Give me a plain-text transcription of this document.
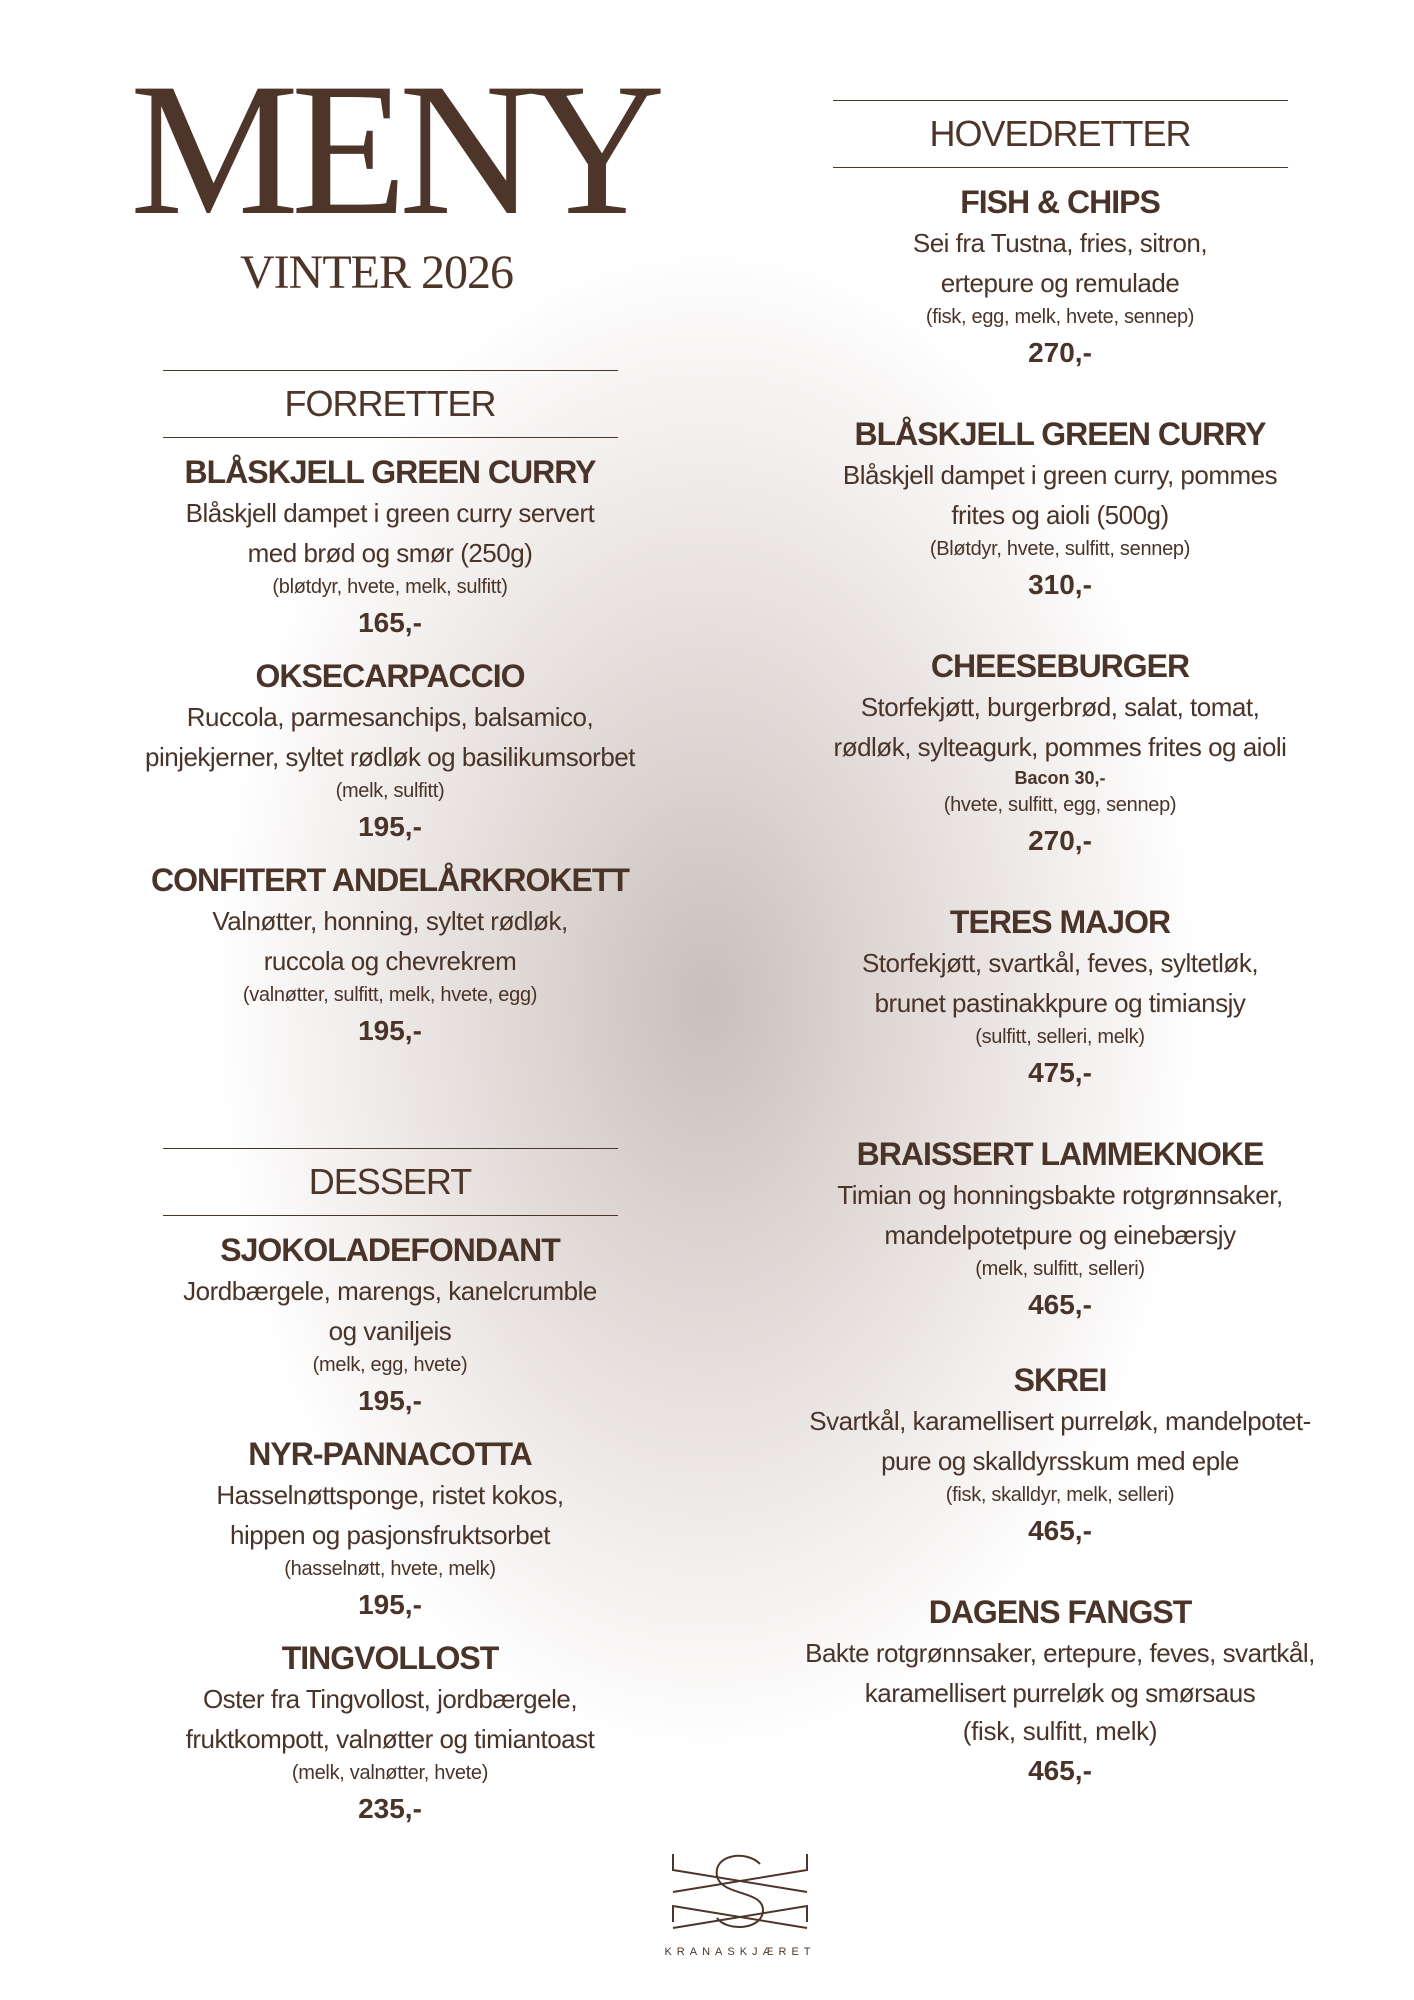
MENY
VINTER 2026
FORRETTER
BLÅSKJELL GREEN CURRY
Blåskjell dampet i green curry servert
med brød og smør (250g)
(bløtdyr, hvete, melk, sulfitt)
165,-
OKSECARPACCIO
Ruccola, parmesanchips, balsamico,
pinjekjerner, syltet rødløk og basilikumsorbet
(melk, sulfitt)
195,-
CONFITERT ANDELÅRKROKETT
Valnøtter, honning, syltet rødløk,
ruccola og chevrekrem
(valnøtter, sulfitt, melk, hvete, egg)
195,-
DESSERT
SJOKOLADEFONDANT
Jordbærgele, marengs, kanelcrumble
og vaniljeis
(melk, egg, hvete)
195,-
NYR-PANNACOTTA
Hasselnøttsponge, ristet kokos,
hippen og pasjonsfruktsorbet
(hasselnøtt, hvete, melk)
195,-
TINGVOLLOST
Oster fra Tingvollost, jordbærgele,
fruktkompott, valnøtter og timiantoast
(melk, valnøtter, hvete)
235,-
HOVEDRETTER
FISH & CHIPS
Sei fra Tustna, fries, sitron,
ertepure og remulade
(fisk, egg, melk, hvete, sennep)
270,-
BLÅSKJELL GREEN CURRY
Blåskjell dampet i green curry, pommes
frites og aioli (500g)
(Bløtdyr, hvete, sulfitt, sennep)
310,-
CHEESEBURGER
Storfekjøtt, burgerbrød, salat, tomat,
rødløk, sylteagurk, pommes frites og aioli
Bacon 30,-
(hvete, sulfitt, egg, sennep)
270,-
TERES MAJOR
Storfekjøtt, svartkål, feves, syltetløk,
brunet pastinakkpure og timiansjy
(sulfitt, selleri, melk)
475,-
BRAISSERT LAMMEKNOKE
Timian og honningsbakte rotgrønnsaker,
mandelpotetpure og einebærsjy
(melk, sulfitt, selleri)
465,-
SKREI
Svartkål, karamellisert purreløk, mandelpotet-
pure og skalldyrsskum med eple
(fisk, skalldyr, melk, selleri)
465,-
DAGENS FANGST
Bakte rotgrønnsaker, ertepure, feves, svartkål,
karamellisert purreløk og smørsaus
(fisk, sulfitt, melk)
465,-
KRANASKJÆRET
